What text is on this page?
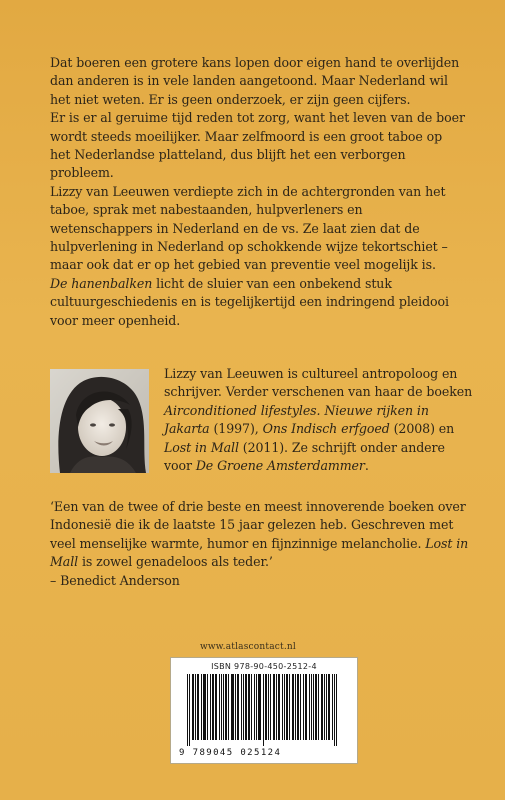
Dat boeren een grotere kans lopen door eigen hand te overlijden dan anderen is in vele landen aangetoond. Maar Nederland wil het niet weten. Er is geen onderzoek, er zijn geen cijfers.

Er is er al geruime tijd reden tot zorg, want het leven van de boer wordt steeds moeilijker. Maar zelfmoord is een groot taboe op het Nederlandse platteland, dus blijft het een verborgen probleem.

Lizzy van Leeuwen verdiepte zich in de achtergronden van het taboe, sprak met nabestaanden, hulpverleners en wetenschappers in Nederland en de vs. Ze laat zien dat de hulpverlening in Nederland op schokkende wijze tekortschiet – maar ook dat er op het gebied van preventie veel mogelijk is.

De hanenbalken licht de sluier van een onbekend stuk cultuurgeschiedenis en is tegelijkertijd een indringend pleidooi voor meer openheid.

Lizzy van Leeuwen is cultureel antropoloog en schrijver. Verder verschenen van haar de boeken Airconditioned lifestyles. Nieuwe rijken in Jakarta (1997), Ons Indisch erfgoed (2008) en Lost in Mall (2011). Ze schrijft onder andere voor De Groene Amsterdammer.

‘Een van de twee of drie beste en meest innoverende boeken over Indonesië die ik de laatste 15 jaar gelezen heb. Geschreven met veel menselijke warmte, humor en fijnzinnige melancholie. Lost in Mall is zowel genadeloos als teder.’

– Benedict Anderson

www.atlascontact.nl
ISBN 978-90-450-2512-4
9 789045 025124
